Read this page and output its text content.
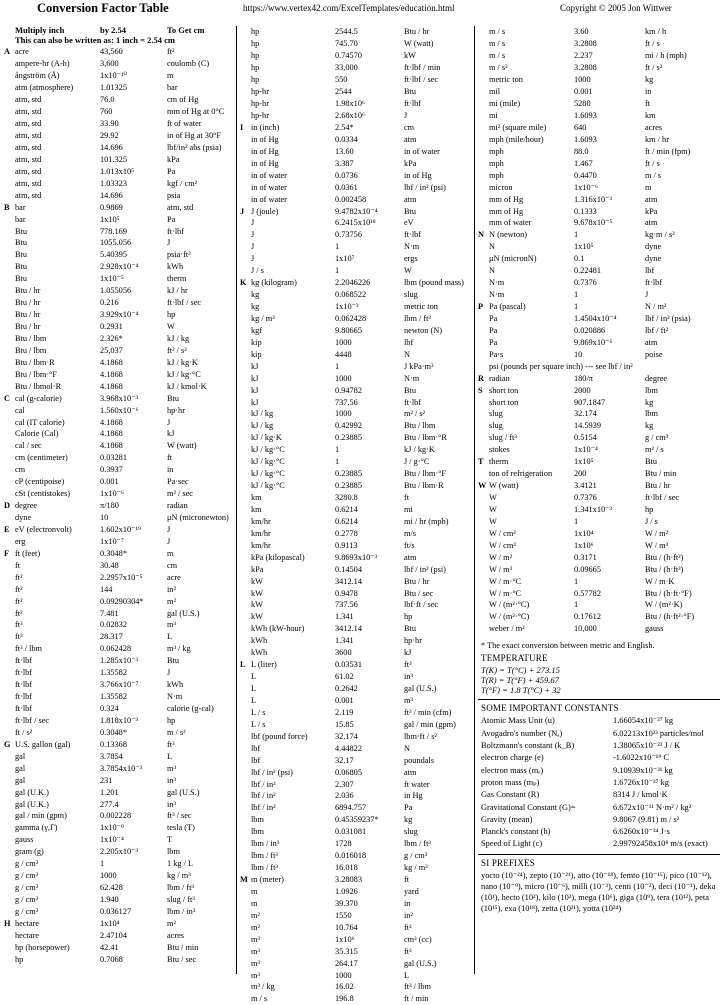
Conversion Factor Table	https://www.vertex42.com/ExcelTemplates/education.html	Copyright © 2005 Jon Wittwer
Multiply inch	by 2.54	To Get cm
This can also be written as: 1 inch = 2.54 cm
A acre	43,560	ft²
ampere-hr (A-h)	3,600	coulomb (C)
ångström (Å)	1x10⁻¹⁰	m
atm (atmosphere)	1.01325	bar
atm, std	76.0	cm of Hg
atm, std	760	mm of Hg at 0°C
atm, std	33.90	ft of water
atm, std	29.92	in of Hg at 30°F
atm, std	14.696	lbf/in² abs (psia)
atm, std	101.325	kPa
atm, std	1.013x10⁵	Pa
atm, std	1.03323	kgf / cm²
atm, std	14.696	psia
B bar	0.9869	atm, std
bar	1x10⁵	Pa
Btu	778.169	ft·lbf
Btu	1055.056	J
Btu	5.40395	psia·ft³
Btu	2.928x10⁻⁴	kWh
Btu	1x10⁻⁵	therm
Btu / hr	1.055056	kJ / hr
Btu / hr	0.216	ft·lbf / sec
Btu / hr	3.929x10⁻⁴	hp
Btu / hr	0.2931	W
Btu / lbm	2.326*	kJ / kg
Btu / lbm	25,037	ft² / s²
Btu / lbm·R	4.1868	kJ / kg·K
Btu / lbm·°F	4.1868	kJ / kg·°C
Btu / lbmol·R	4.1868	kJ / kmol·K
C cal (g-calorie)	3.968x10⁻³	Btu
cal	1.560x10⁻⁶	hp·hr
cal (IT calorie)	4.1868	J
Calorie (Cal)	4.1868	kJ
cal / sec	4.1868	W (watt)
cm (centimeter)	0.03281	ft
cm	0.3937	in
cP (centipoise)	0.001	Pa·sec
cSt (centistokes)	1x10⁻⁶	m² / sec
D degree	π/180	radian
dyne	10	μN (micronewton)
E eV (electronvolt)	1.602x10⁻¹⁹	J
erg	1x10⁻⁷	J
F ft (feet)	0.3048*	m
ft	30.48	cm
ft²	2.2957x10⁻⁵	acre
ft²	144	in²
ft²	0.09290304*	m²
ft³	7.481	gal (U.S.)
ft³	0.02832	m³
ft³	28.317	L
ft³ / lbm	0.062428	m³ / kg
ft·lbf	1.285x10⁻³	Btu
ft·lbf	1.35582	J
ft·lbf	3.766x10⁻⁷	kWh
ft·lbf	1.35582	N·m
ft·lbf	0.324	calorie (g-cal)
ft·lbf / sec	1.818x10⁻³	hp
ft / s²	0.3048*	m / s²
G U.S. gallon (gal)	0.13368	ft³
gal	3.7854	L
gal	3.7854x10⁻³	m³
gal	231	in³
gal (U.K.)	1.201	gal (U.S.)
gal (U.K.)	277.4	in³
gal / min (gpm)	0.002228	ft³ / sec
gamma (γ,Γ)	1x10⁻⁹	tesla (T)
gauss	1x10⁻⁴	T
gram (g)	2.205x10⁻³	lbm
g / cm³	1	1 kg / L
g / cm³	1000	kg / m³
g / cm³	62.428	lbm / ft³
g / cm³	1.940	slug / ft³
g / cm³	0.036127	lbm / in³
H hectare	1x10⁴	m²
hectare	2.47104	acres
hp (horsepower)	42.41	Btu / min
hp	0.7068	Btu / sec
hp	2544.5	Btu / hr
hp	745.70	W (watt)
hp	0.74570	kW
hp	33,000	ft·lbf / min
hp	550	ft·lbf / sec
hp-hr	2544	Btu
hp-hr	1.98x10⁶	ft·lbf
hp-hr	2.68x10⁶	J
I in (inch)	2.54*	cm
in of Hg	0.0334	atm
in of Hg	13.60	in of water
in of Hg	3.387	kPa
in of water	0.0736	in of Hg
in of water	0.0361	lbf / in² (psi)
in of water	0.002458	atm
J J (joule)	9.4782x10⁻⁴	Btu
J	6.2415x10¹⁸	eV
J	0.73756	ft·lbf
J	1	N·m
J	1x10⁷	ergs
J / s	1	W
K kg (kilogram)	2.2046226	lbm (pound mass)
kg	0.068522	slug
kg	1x10⁻³	metric ton
kg / m³	0.062428	lbm / ft³
kgf	9.80665	newton (N)
kip	1000	lbf
kip	4448	N
kJ	1	J kPa·m³
kJ	1000	N·m
kJ	0.94782	Btu
kJ	737.56	ft·lbf
kJ / kg	1000	m² / s²
kJ / kg	0.42992	Btu / lbm
kJ / kg·K	0.23885	Btu / lbm·°R
kJ / kg·°C	1	kJ / kg·K
kJ / kg·°C	1	J / g·°C
kJ / kg·°C	0.23885	Btu / lbm·°F
kJ / kg·°C	0.23885	Btu / lbm·R
km	3280.8	ft
km	0.6214	mi
km/hr	0.6214	mi / hr (mph)
km/hr	0.2778	m/s
km/hr	0.9113	ft/s
kPa (kilopascal)	9.8693x10⁻³	atm
kPa	0.14504	lbf / in² (psi)
kW	3412.14	Btu / hr
kW	0.9478	Btu / sec
kW	737.56	lbf·ft / sec
kW	1.341	hp
kWh (kW-hour)	3412.14	Btu
kWh	1.341	hp·hr
kWh	3600	kJ
L L (liter)	0.03531	ft³
L	61.02	in³
L	0.2642	gal (U.S.)
L	0.001	m³
L / s	2.119	ft³ / min (cfm)
L / s	15.85	gal / min (gpm)
lbf (pound force)	32.174	lbm·ft / s²
lbf	4.44822	N
lbf	32.17	poundals
lbf / in² (psi)	0.06805	atm
lbf / in²	2.307	ft water
lbf / in²	2.036	in Hg
lbf / in²	6894.757	Pa
lbm	0.45359237*	kg
lbm	0.031081	slug
lbm / in³	1728	lbm / ft³
lbm / ft³	0.016018	g / cm³
lbm / ft³	16.018	kg / m³
M m (meter)	3.28083	ft
m	1.0926	yard
m	39.370	in
m²	1550	in²
m²	10.764	ft²
m³	1x10⁶	cm³ (cc)
m³	35.315	ft³
m³	264.17	gal (U.S.)
m³	1000	L
m³ / kg	16.02	ft³ / lbm
m / s	196.8	ft / min
m / s	3.60	km / h
m / s	3.2808	ft / s
m / s	2.237	mi / h (mph)
m / s²	3.2808	ft / s²
metric ton	1000	kg
mil	0.001	in
mi (mile)	5280	ft
mi	1.6093	km
mi² (square mile)	640	acres
mph (mile/hour)	1.6093	km / hr
mph	88.0	ft / min (fpm)
mph	1.467	ft / s
mph	0.4470	m / s
micron	1x10⁻⁶	m
mm of Hg	1.316x10⁻³	atm
mm of Hg	0.1333	kPa
mm of water	9.678x10⁻⁵	atm
N N (newton)	1	kg·m / s²
N	1x10⁵	dyne
μN (micronN)	0.1	dyne
N	0.22481	lbf
N·m	0.7376	ft·lbf
N·m	1	J
P Pa (pascal)	1	N / m²
Pa	1.4504x10⁻⁴	lbf / in² (psia)
Pa	0.020886	lbf / ft²
Pa	9.869x10⁻⁶	atm
Pa·s	10	poise
psi (pounds per square inch) --- see lbf / in²
R radian	180/π	degree
S short ton	2000	lbm
short ton	907.1847	kg
slug	32.174	lbm
slug	14.5939	kg
slug / ft³	0.5154	g / cm³
stokes	1x10⁻⁴	m² / s
T therm	1x10⁵	Btu
ton of refrigeration	200	Btu / min
W W (watt)	3.4121	Btu / hr
W	0.7376	ft·lbf / sec
W	1.341x10⁻³	hp
W	1	J / s
W / cm²	1x10⁴	W / m²
W / cm³	1x10⁶	W / m³
W / m²	0.3171	Btu / (h·ft²)
W / m³	0.09665	Btu / (h·ft³)
W / m·°C	1	W / m·K
W / m·°C	0.57782	Btu / (h·ft·°F)
W / (m²·°C)	1	W / (m²·K)
W / (m²·°C)	0.17612	Btu / (h·ft²·°F)
weber / m²	10,000	gauss
* The exact conversion between metric and English.
TEMPERATURE
T(K) = T(°C) + 273.15
T(R) = T(°F) + 459.67
T(°F) = 1.8 T(°C) + 32
SOME IMPORTANT CONSTANTS
Atomic Mass Unit (u)	1.66054x10⁻²⁷ kg
Avogadro's number (Nₐ)	6.02213x10²³ particles/mol
Boltzmann's constant (k_B)	1.38065x10⁻²³ J / K
electron charge (e)	-1.6022x10⁻¹⁹ C
electron mass (mₑ)	9.10939x10⁻³¹ kg
proton mass (mₚ)	1.6726x10⁻²⁷ kg
Gas Constant (R)	8314 J / kmol·K
Gravitational Constant (G)=	6.672x10⁻¹¹ N·m² / kg²
Gravity (mean)	9.8067 (9.81) m / s²
Planck's constant (h)	6.6260x10⁻³⁴ J·s
Speed of Light (c)	2.99792458x10⁸ m/s (exact)
SI PREFIXES
yocto (10⁻²⁴), zepto (10⁻²¹), atto (10⁻¹⁸), femto (10⁻¹⁵), pico (10⁻¹²), nano (10⁻⁹), micro (10⁻⁶), milli (10⁻³), centi (10⁻²), deci (10⁻¹), deka (10¹), hecto (10²), kilo (10³), mega (10⁶), giga (10⁹), tera (10¹²), peta (10¹⁵), exa (10¹⁸), zetta (10²¹), yotta (10²⁴)
